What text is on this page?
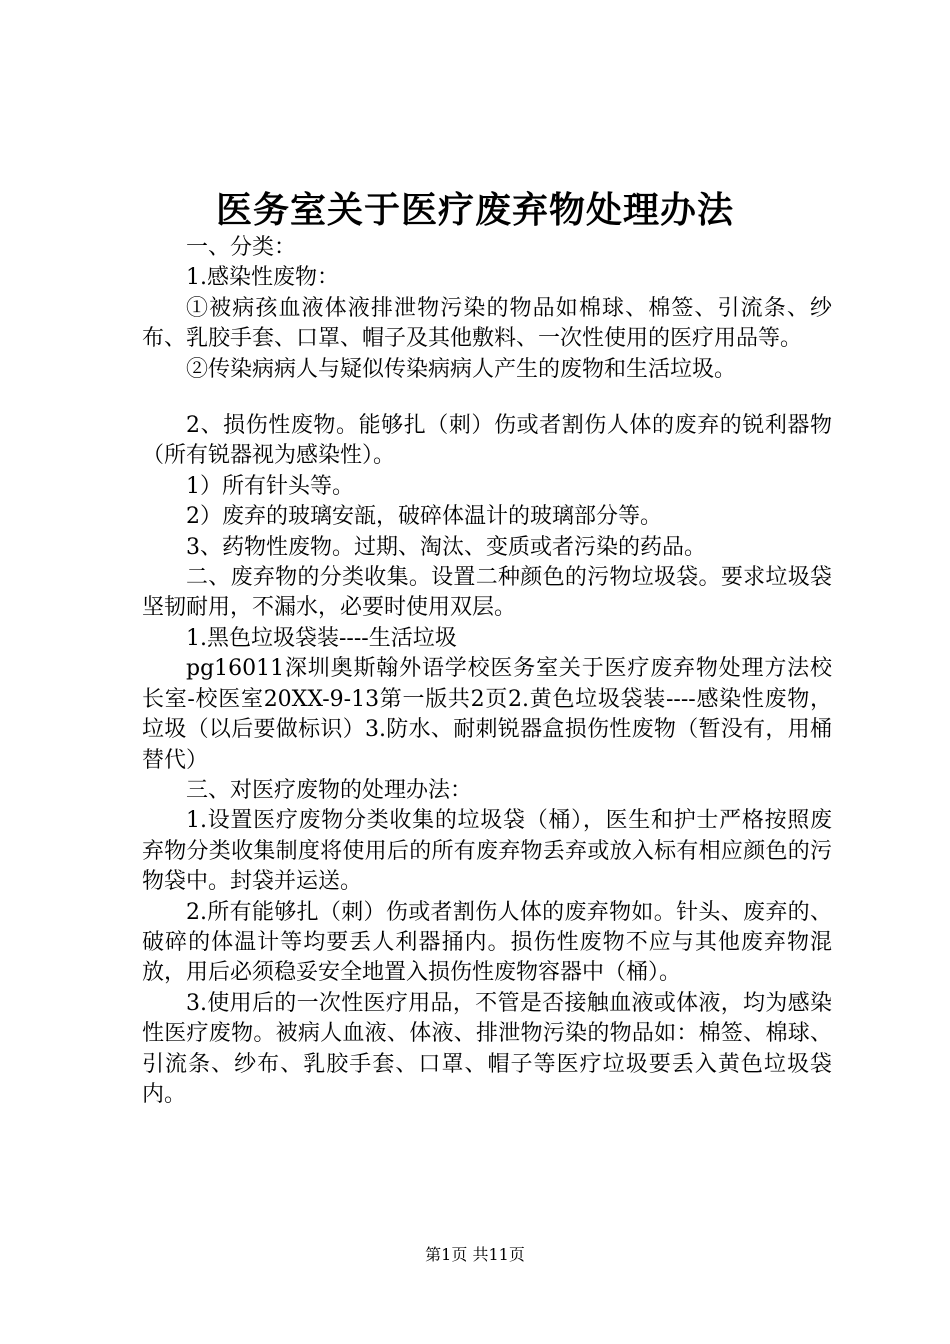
医务室关于医疗废弃物处理办法

一、分类：

1.感染性废物：

①被病孩血液体液排泄物污染的物品如棉球、棉签、引流条、纱布、乳胶手套、口罩、帽子及其他敷料、一次性使用的医疗用品等。

②传染病病人与疑似传染病病人产生的废物和生活垃圾。

2、损伤性废物。能够扎（刺）伤或者割伤人体的废弃的锐利器物（所有锐器视为感染性）。

1）所有针头等。

2）废弃的玻璃安瓿，破碎体温计的玻璃部分等。

3、药物性废物。过期、淘汰、变质或者污染的药品。

二、废弃物的分类收集。设置二种颜色的污物垃圾袋。要求垃圾袋坚韧耐用，不漏水，必要时使用双层。

1.黑色垃圾袋装----生活垃圾

pg16011深圳奥斯翰外语学校医务室关于医疗废弃物处理方法校长室-校医室20XX-9-13第一版共2页2.黄色垃圾袋装----感染性废物，垃圾（以后要做标识）3.防水、耐刺锐器盒损伤性废物（暂没有，用桶替代）

三、对医疗废物的处理办法：

1.设置医疗废物分类收集的垃圾袋（桶），医生和护士严格按照废弃物分类收集制度将使用后的所有废弃物丢弃或放入标有相应颜色的污物袋中。封袋并运送。

2.所有能够扎（刺）伤或者割伤人体的废弃物如。针头、废弃的、破碎的体温计等均要丢人利器捅内。损伤性废物不应与其他废弃物混放，用后必须稳妥安全地置入损伤性废物容器中（桶）。

3.使用后的一次性医疗用品，不管是否接触血液或体液，均为感染性医疗废物。被病人血液、体液、排泄物污染的物品如：棉签、棉球、引流条、纱布、乳胶手套、口罩、帽子等医疗垃圾要丢入黄色垃圾袋内。

第1页 共11页
